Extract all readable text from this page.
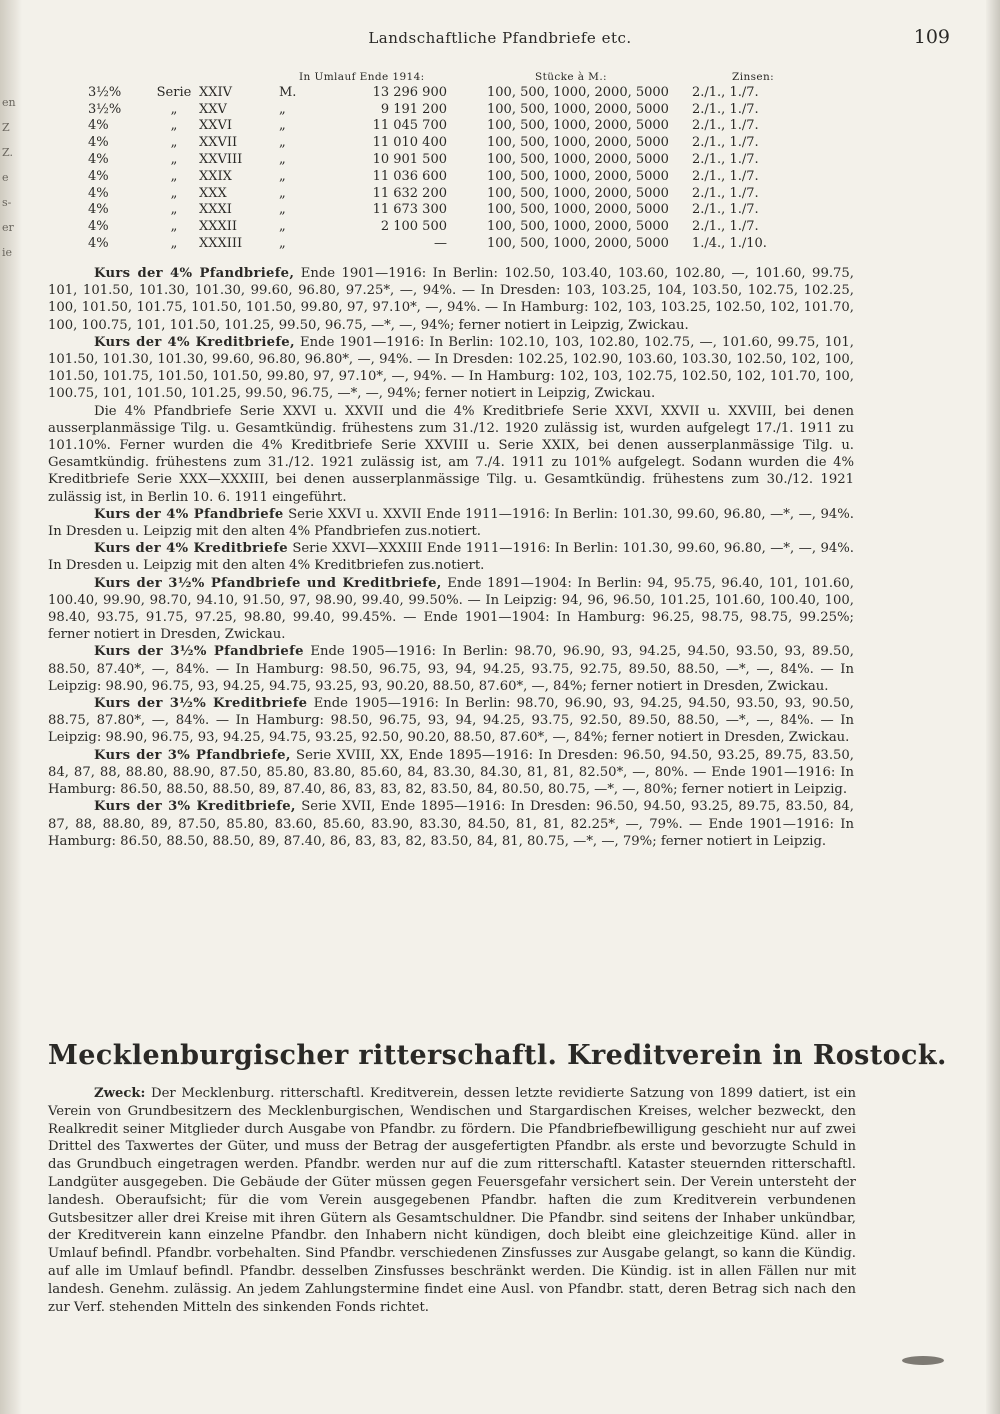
en
Z
Z.
e
s-
er
ie
Landschaftliche Pfandbriefe etc.	109
			In Umlauf Ende 1914:		Stücke à M.:	Zinsen:
3½%	Serie	XXIV	M.	13 296 900	100, 500, 1000, 2000, 5000	2./1., 1./7.
3½%	„	XXV	„	9 191 200	100, 500, 1000, 2000, 5000	2./1., 1./7.
4%	„	XXVI	„	11 045 700	100, 500, 1000, 2000, 5000	2./1., 1./7.
4%	„	XXVII	„	11 010 400	100, 500, 1000, 2000, 5000	2./1., 1./7.
4%	„	XXVIII	„	10 901 500	100, 500, 1000, 2000, 5000	2./1., 1./7.
4%	„	XXIX	„	11 036 600	100, 500, 1000, 2000, 5000	2./1., 1./7.
4%	„	XXX	„	11 632 200	100, 500, 1000, 2000, 5000	2./1., 1./7.
4%	„	XXXI	„	11 673 300	100, 500, 1000, 2000, 5000	2./1., 1./7.
4%	„	XXXII	„	2 100 500	100, 500, 1000, 2000, 5000	2./1., 1./7.
4%	„	XXXIII	„	—	100, 500, 1000, 2000, 5000	1./4., 1./10.

Kurs der 4% Pfandbriefe, Ende 1901—1916: In Berlin: 102.50, 103.40, 103.60, 102.80, —, 101.60, 99.75, 101, 101.50, 101.30, 101.30, 99.60, 96.80, 97.25*, —, 94%. — In Dresden: 103, 103.25, 104, 103.50, 102.75, 102.25, 100, 101.50, 101.75, 101.50, 101.50, 99.80, 97, 97.10*, —, 94%. — In Hamburg: 102, 103, 103.25, 102.50, 102, 101.70, 100, 100.75, 101, 101.50, 101.25, 99.50, 96.75, —*, —, 94%; ferner notiert in Leipzig, Zwickau.

Kurs der 4% Kreditbriefe, Ende 1901—1916: In Berlin: 102.10, 103, 102.80, 102.75, —, 101.60, 99.75, 101, 101.50, 101.30, 101.30, 99.60, 96.80, 96.80*, —, 94%. — In Dresden: 102.25, 102.90, 103.60, 103.30, 102.50, 102, 100, 101.50, 101.75, 101.50, 101.50, 99.80, 97, 97.10*, —, 94%. — In Hamburg: 102, 103, 102.75, 102.50, 102, 101.70, 100, 100.75, 101, 101.50, 101.25, 99.50, 96.75, —*, —, 94%; ferner notiert in Leipzig, Zwickau.

Die 4% Pfandbriefe Serie XXVI u. XXVII und die 4% Kreditbriefe Serie XXVI, XXVII u. XXVIII, bei denen ausserplanmässige Tilg. u. Gesamtkündig. frühestens zum 31./12. 1920 zulässig ist, wurden aufgelegt 17./1. 1911 zu 101.10%. Ferner wurden die 4% Kreditbriefe Serie XXVIII u. Serie XXIX, bei denen ausserplanmässige Tilg. u. Gesamtkündig. frühestens zum 31./12. 1921 zulässig ist, am 7./4. 1911 zu 101% aufgelegt. Sodann wurden die 4% Kreditbriefe Serie XXX—XXXIII, bei denen ausserplanmässige Tilg. u. Gesamtkündig. frühestens zum 30./12. 1921 zulässig ist, in Berlin 10. 6. 1911 eingeführt.

Kurs der 4% Pfandbriefe Serie XXVI u. XXVII Ende 1911—1916: In Berlin: 101.30, 99.60, 96.80, —*, —, 94%. In Dresden u. Leipzig mit den alten 4% Pfandbriefen zus.notiert.

Kurs der 4% Kreditbriefe Serie XXVI—XXXIII Ende 1911—1916: In Berlin: 101.30, 99.60, 96.80, —*, —, 94%. In Dresden u. Leipzig mit den alten 4% Kreditbriefen zus.notiert.

Kurs der 3½% Pfandbriefe und Kreditbriefe, Ende 1891—1904: In Berlin: 94, 95.75, 96.40, 101, 101.60, 100.40, 99.90, 98.70, 94.10, 91.50, 97, 98.90, 99.40, 99.50%. — In Leipzig: 94, 96, 96.50, 101.25, 101.60, 100.40, 100, 98.40, 93.75, 91.75, 97.25, 98.80, 99.40, 99.45%. — Ende 1901—1904: In Hamburg: 96.25, 98.75, 98.75, 99.25%; ferner notiert in Dresden, Zwickau.

Kurs der 3½% Pfandbriefe Ende 1905—1916: In Berlin: 98.70, 96.90, 93, 94.25, 94.50, 93.50, 93, 89.50, 88.50, 87.40*, —, 84%. — In Hamburg: 98.50, 96.75, 93, 94, 94.25, 93.75, 92.75, 89.50, 88.50, —*, —, 84%. — In Leipzig: 98.90, 96.75, 93, 94.25, 94.75, 93.25, 93, 90.20, 88.50, 87.60*, —, 84%; ferner notiert in Dresden, Zwickau.

Kurs der 3½% Kreditbriefe Ende 1905—1916: In Berlin: 98.70, 96.90, 93, 94.25, 94.50, 93.50, 93, 90.50, 88.75, 87.80*, —, 84%. — In Hamburg: 98.50, 96.75, 93, 94, 94.25, 93.75, 92.50, 89.50, 88.50, —*, —, 84%. — In Leipzig: 98.90, 96.75, 93, 94.25, 94.75, 93.25, 92.50, 90.20, 88.50, 87.60*, —, 84%; ferner notiert in Dresden, Zwickau.

Kurs der 3% Pfandbriefe, Serie XVIII, XX, Ende 1895—1916: In Dresden: 96.50, 94.50, 93.25, 89.75, 83.50, 84, 87, 88, 88.80, 88.90, 87.50, 85.80, 83.80, 85.60, 84, 83.30, 84.30, 81, 81, 82.50*, —, 80%. — Ende 1901—1916: In Hamburg: 86.50, 88.50, 88.50, 89, 87.40, 86, 83, 83, 82, 83.50, 84, 80.50, 80.75, —*, —, 80%; ferner notiert in Leipzig.

Kurs der 3% Kreditbriefe, Serie XVII, Ende 1895—1916: In Dresden: 96.50, 94.50, 93.25, 89.75, 83.50, 84, 87, 88, 88.80, 89, 87.50, 85.80, 83.60, 85.60, 83.90, 83.30, 84.50, 81, 81, 82.25*, —, 79%. — Ende 1901—1916: In Hamburg: 86.50, 88.50, 88.50, 89, 87.40, 86, 83, 83, 82, 83.50, 84, 81, 80.75, —*, —, 79%; ferner notiert in Leipzig.

Mecklenburgischer ritterschaftl. Kreditverein in Rostock.

Zweck: Der Mecklenburg. ritterschaftl. Kreditverein, dessen letzte revidierte Satzung von 1899 datiert, ist ein Verein von Grundbesitzern des Mecklenburgischen, Wendischen und Stargardischen Kreises, welcher bezweckt, den Realkredit seiner Mitglieder durch Ausgabe von Pfandbr. zu fördern. Die Pfandbriefbewilligung geschieht nur auf zwei Drittel des Taxwertes der Güter, und muss der Betrag der ausgefertigten Pfandbr. als erste und bevorzugte Schuld in das Grundbuch eingetragen werden. Pfandbr. werden nur auf die zum ritterschaftl. Kataster steuernden ritterschaftl. Landgüter ausgegeben. Die Gebäude der Güter müssen gegen Feuersgefahr versichert sein. Der Verein untersteht der landesh. Oberaufsicht; für die vom Verein ausgegebenen Pfandbr. haften die zum Kreditverein verbundenen Gutsbesitzer aller drei Kreise mit ihren Gütern als Gesamtschuldner. Die Pfandbr. sind seitens der Inhaber unkündbar, der Kreditverein kann einzelne Pfandbr. den Inhabern nicht kündigen, doch bleibt eine gleichzeitige Künd. aller in Umlauf befindl. Pfandbr. vorbehalten. Sind Pfandbr. verschiedenen Zinsfusses zur Ausgabe gelangt, so kann die Kündig. auf alle im Umlauf befindl. Pfandbr. desselben Zinsfusses beschränkt werden. Die Kündig. ist in allen Fällen nur mit landesh. Genehm. zulässig. An jedem Zahlungstermine findet eine Ausl. von Pfandbr. statt, deren Betrag sich nach den zur Verf. stehenden Mitteln des sinkenden Fonds richtet.
